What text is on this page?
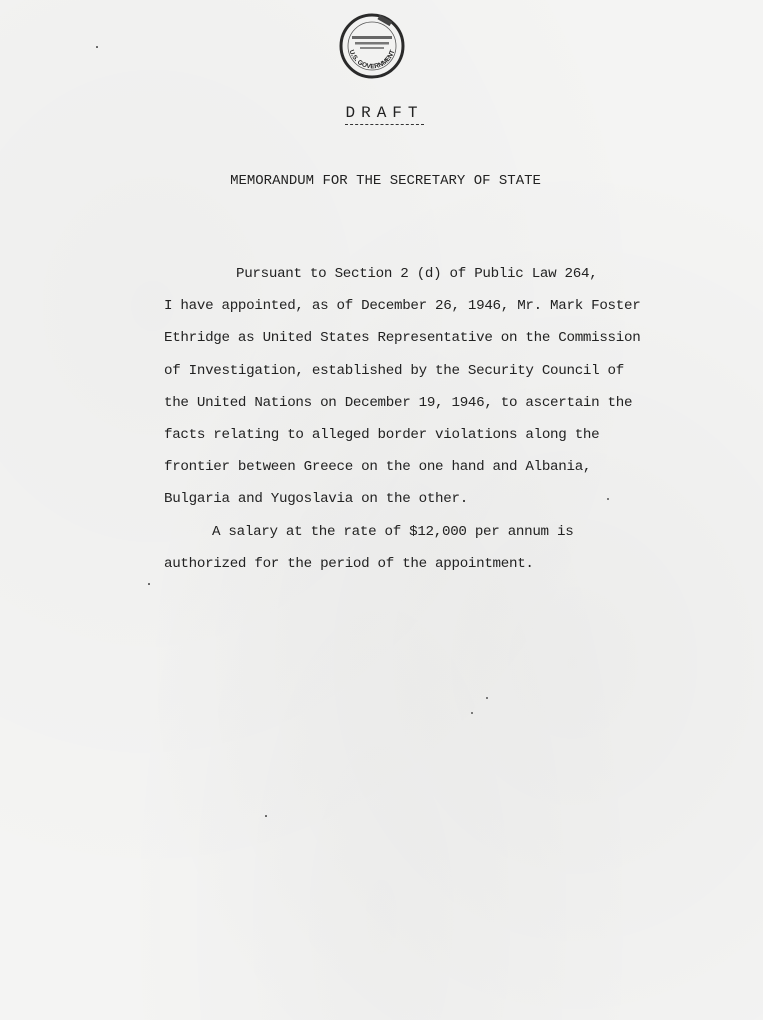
U.S. GOVERNMENT
DRAFT
MEMORANDUM FOR THE SECRETARY OF STATE
Pursuant to Section 2 (d) of Public Law 264,
I have appointed, as of December 26, 1946, Mr. Mark Foster
Ethridge as United States Representative on the Commission
of Investigation, established by the Security Council of
the United Nations on December 19, 1946, to ascertain the
facts relating to alleged border violations along the
frontier between Greece on the one hand and Albania,
Bulgaria and Yugoslavia on the other.
A salary at the rate of $12,000 per annum is
authorized for the period of the appointment.
